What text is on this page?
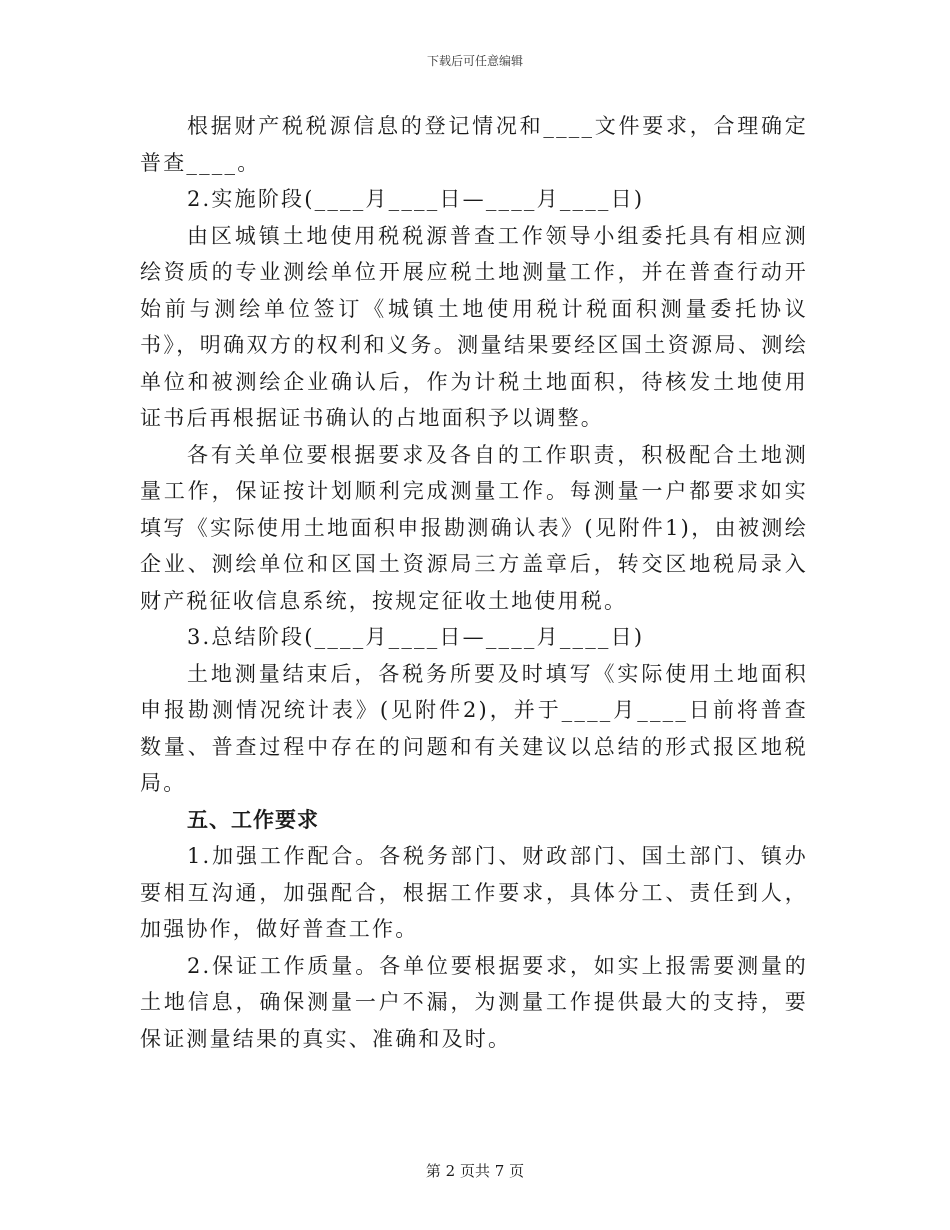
下载后可任意编辑

根据财产税税源信息的登记情况和____文件要求，合理确定普查____。

2.实施阶段(____月____日—____月____日)

由区城镇土地使用税税源普查工作领导小组委托具有相应测绘资质的专业测绘单位开展应税土地测量工作，并在普查行动开始前与测绘单位签订《城镇土地使用税计税面积测量委托协议书》，明确双方的权利和义务。测量结果要经区国土资源局、测绘单位和被测绘企业确认后，作为计税土地面积，待核发土地使用证书后再根据证书确认的占地面积予以调整。

各有关单位要根据要求及各自的工作职责，积极配合土地测量工作，保证按计划顺利完成测量工作。每测量一户都要求如实填写《实际使用土地面积申报勘测确认表》(见附件1)，由被测绘企业、测绘单位和区国土资源局三方盖章后，转交区地税局录入财产税征收信息系统，按规定征收土地使用税。

3.总结阶段(____月____日—____月____日)

土地测量结束后，各税务所要及时填写《实际使用土地面积申报勘测情况统计表》(见附件2)，并于____月____日前将普查数量、普查过程中存在的问题和有关建议以总结的形式报区地税局。

五、工作要求

1.加强工作配合。各税务部门、财政部门、国土部门、镇办要相互沟通，加强配合，根据工作要求，具体分工、责任到人，加强协作，做好普查工作。

2.保证工作质量。各单位要根据要求，如实上报需要测量的土地信息，确保测量一户不漏，为测量工作提供最大的支持，要保证测量结果的真实、准确和及时。

第 2 页共 7 页
